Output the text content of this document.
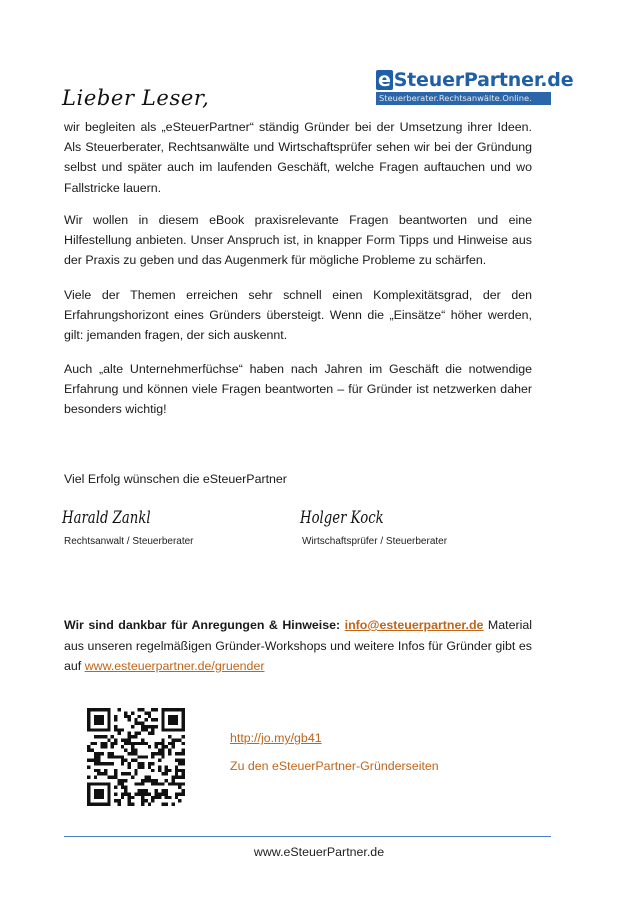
e SteuerPartner.de
Steuerberater.Rechtsanwälte.Online.
Lieber Leser,

wir begleiten als „eSteuerPartner“ ständig Gründer bei der Umsetzung ihrer Ideen. Als Steuerberater, Rechtsanwälte und Wirtschaftsprüfer sehen wir bei der Gründung selbst und später auch im laufenden Geschäft, welche Fragen auftauchen und wo Fallstricke lauern.

Wir wollen in diesem eBook praxisrelevante Fragen beantworten und eine Hilfestellung anbieten. Unser Anspruch ist, in knapper Form Tipps und Hinweise aus der Praxis zu geben und das Augenmerk für mögliche Probleme zu schärfen.

Viele der Themen erreichen sehr schnell einen Komplexitätsgrad, der den Erfahrungshorizont eines Gründers übersteigt. Wenn die „Einsätze“ höher werden, gilt: jemanden fragen, der sich auskennt.

Auch „alte Unternehmerfüchse“ haben nach Jahren im Geschäft die notwendige Erfahrung und können viele Fragen beantworten – für Gründer ist netzwerken daher besonders wichtig!

Viel Erfolg wünschen die eSteuerPartner
Harald Zankl	Holger Kock
Rechtsanwalt / Steuerberater	Wirtschaftsprüfer / Steuerberater

Wir sind dankbar für Anregungen & Hinweise: info@esteuerpartner.de Material aus unseren regelmäßigen Gründer-Workshops und weitere Infos für Gründer gibt es auf www.esteuerpartner.de/gruender

http://jo.my/gb41
Zu den eSteuerPartner-Gründerseiten
www.eSteuerPartner.de
